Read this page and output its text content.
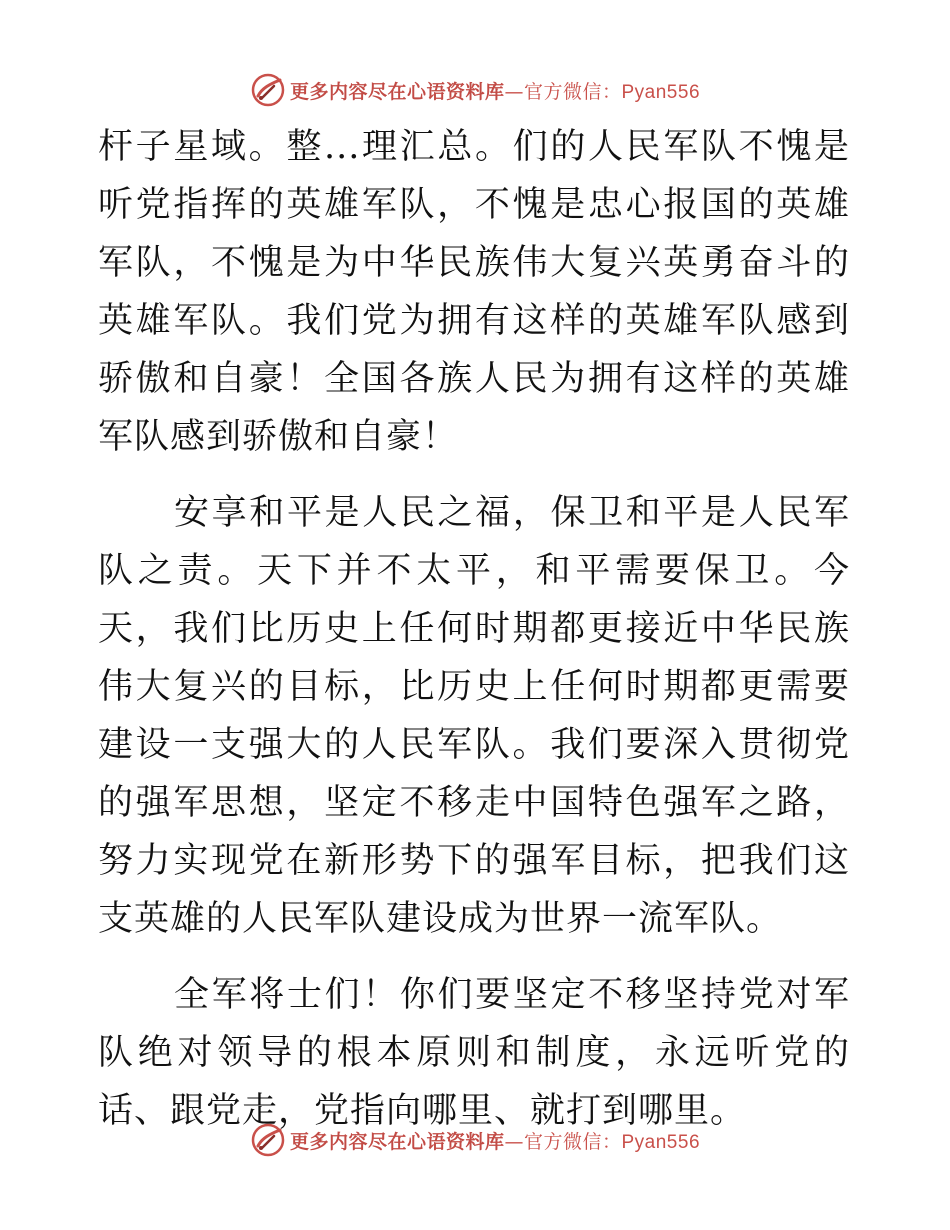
更多内容尽在心语资料库—官方微信：Pyan556

杆子星域。整...理汇总。们的人民军队不愧是听党指挥的英雄军队，不愧是忠心报国的英雄军队，不愧是为中华民族伟大复兴英勇奋斗的英雄军队。我们党为拥有这样的英雄军队感到骄傲和自豪！全国各族人民为拥有这样的英雄军队感到骄傲和自豪！

安享和平是人民之福，保卫和平是人民军队之责。天下并不太平，和平需要保卫。今天，我们比历史上任何时期都更接近中华民族伟大复兴的目标，比历史上任何时期都更需要建设一支强大的人民军队。我们要深入贯彻党的强军思想，坚定不移走中国特色强军之路，努力实现党在新形势下的强军目标，把我们这支英雄的人民军队建设成为世界一流军队。

全军将士们！你们要坚定不移坚持党对军队绝对领导的根本原则和制度，永远听党的话、跟党走，党指向哪里、就打到哪里。

更多内容尽在心语资料库—官方微信：Pyan556
